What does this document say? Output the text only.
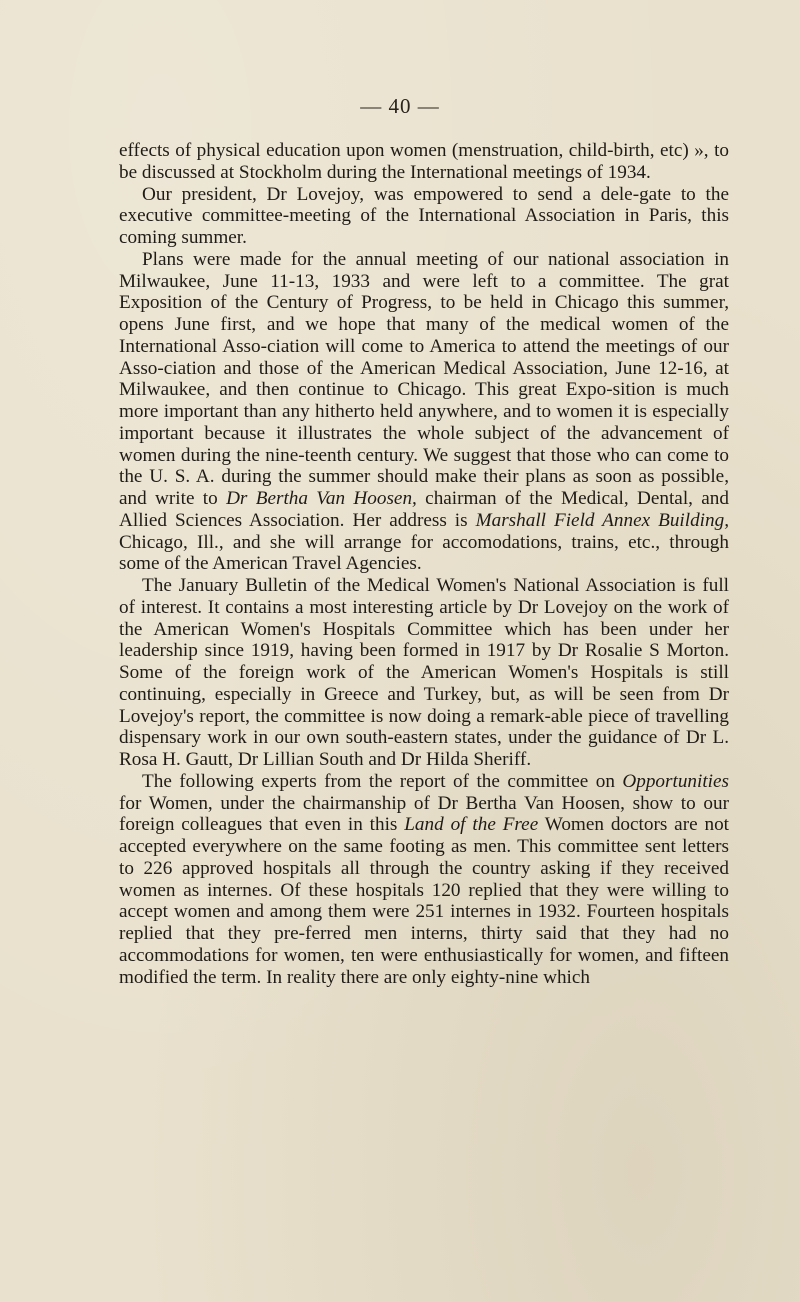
— 40 —

effects of physical education upon women (menstruation, child-birth, etc) », to be discussed at Stockholm during the International meetings of 1934.

Our president, Dr Lovejoy, was empowered to send a dele-gate to the executive committee-meeting of the International Association in Paris, this coming summer.

Plans were made for the annual meeting of our national association in Milwaukee, June 11-13, 1933 and were left to a committee. The grat Exposition of the Century of Progress, to be held in Chicago this summer, opens June first, and we hope that many of the medical women of the International Asso-ciation will come to America to attend the meetings of our Asso-ciation and those of the American Medical Association, June 12-16, at Milwaukee, and then continue to Chicago. This great Expo-sition is much more important than any hitherto held anywhere, and to women it is especially important because it illustrates the whole subject of the advancement of women during the nine-teenth century. We suggest that those who can come to the U. S. A. during the summer should make their plans as soon as possible, and write to Dr Bertha Van Hoosen, chairman of the Medical, Dental, and Allied Sciences Association. Her address is Marshall Field Annex Building, Chicago, Ill., and she will arrange for accomodations, trains, etc., through some of the American Travel Agencies.

The January Bulletin of the Medical Women's National Association is full of interest. It contains a most interesting article by Dr Lovejoy on the work of the American Women's Hospitals Committee which has been under her leadership since 1919, having been formed in 1917 by Dr Rosalie S Morton. Some of the foreign work of the American Women's Hospitals is still continuing, especially in Greece and Turkey, but, as will be seen from Dr Lovejoy's report, the committee is now doing a remark-able piece of travelling dispensary work in our own south-eastern states, under the guidance of Dr L. Rosa H. Gautt, Dr Lillian South and Dr Hilda Sheriff.

The following experts from the report of the committee on Opportunities for Women, under the chairmanship of Dr Bertha Van Hoosen, show to our foreign colleagues that even in this Land of the Free Women doctors are not accepted everywhere on the same footing as men. This committee sent letters to 226 approved hospitals all through the country asking if they received women as internes. Of these hospitals 120 replied that they were willing to accept women and among them were 251 internes in 1932. Fourteen hospitals replied that they pre-ferred men interns, thirty said that they had no accommodations for women, ten were enthusiastically for women, and fifteen modified the term. In reality there are only eighty-nine which
